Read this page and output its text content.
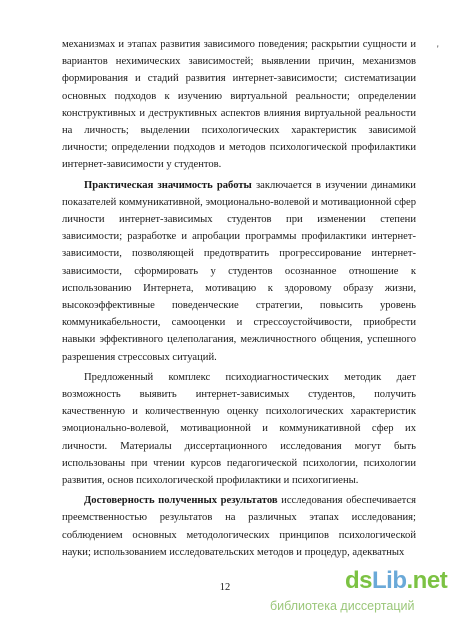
'

механизмах и этапах развития зависимого поведения; раскрытии сущности и вариантов нехимических зависимостей; выявлении причин, механизмов формирования и стадий развития интернет-зависимости; систематизации основных подходов к изучению виртуальной реальности; определении конструктивных и деструктивных аспектов влияния виртуальной реальности на личность; выделении психологических характеристик зависимой личности; определении подходов и методов психологической профилактики интернет-зависимости у студентов.

Практическая значимость работы заключается в изучении динамики показателей коммуникативной, эмоционально-волевой и мотивационной сфер личности интернет-зависимых студентов при изменении степени зависимости; разработке и апробации программы профилактики интернет-зависимости, позволяющей предотвратить прогрессирование интернет-зависимости, сформировать у студентов осознанное отношение к использованию Интернета, мотивацию к здоровому образу жизни, высокоэффективные поведенческие стратегии, повысить уровень коммуникабельности, самооценки и стрессоустойчивости, приобрести навыки эффективного целеполагания, межличностного общения, успешного разрешения стрессовых ситуаций.

Предложенный комплекс психодиагностических методик дает возможность выявить интернет-зависимых студентов, получить качественную и количественную оценку психологических характеристик эмоционально-волевой, мотивационной и коммуникативной сфер их личности. Материалы диссертационного исследования могут быть использованы при чтении курсов педагогической психологии, психологии развития, основ психологической профилактики и психогигиены.

Достоверность полученных результатов исследования обеспечивается преемственностью результатов на различных этапах исследования; соблюдением основных методологических принципов психологической науки; использованием исследовательских методов и процедур, адекватных

12	dsLib.net
библиотека диссертаций
